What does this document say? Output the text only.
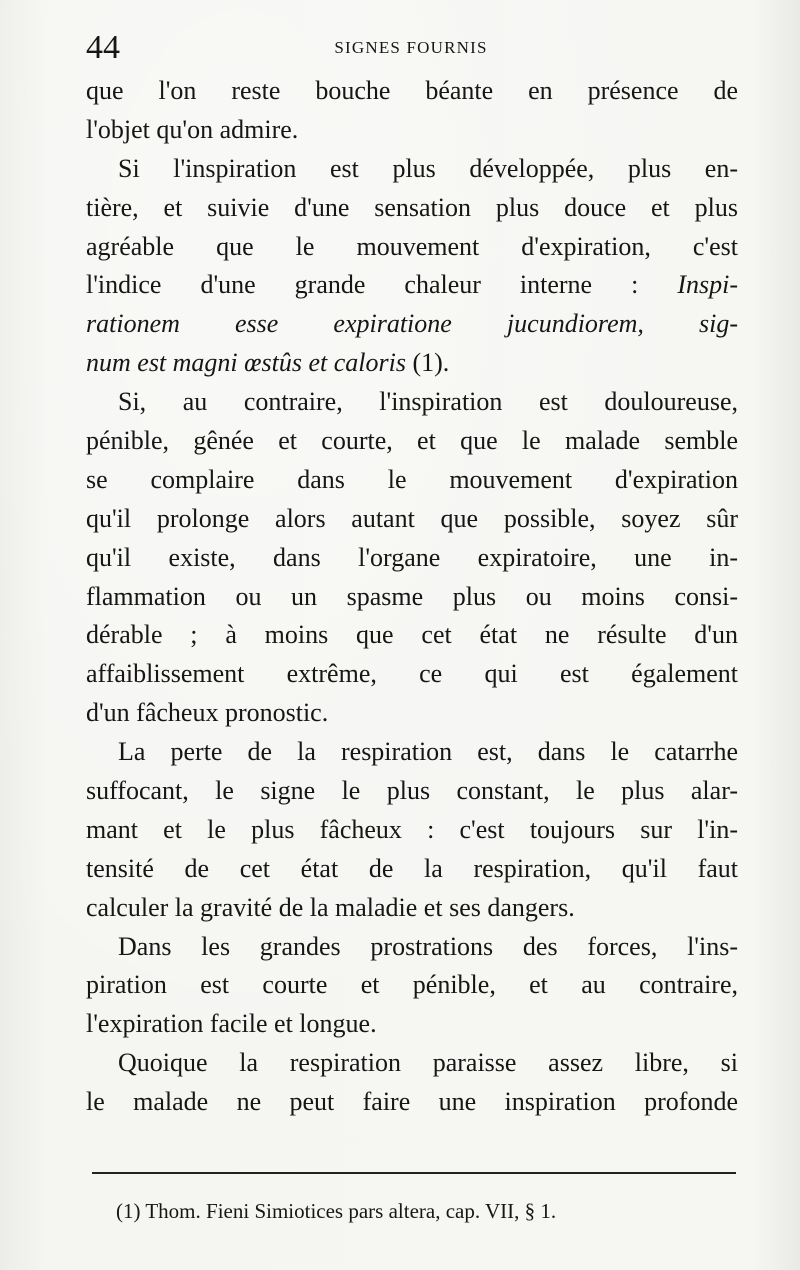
44	SIGNES FOURNIS
que l'on reste bouche béante en présence de
l'objet qu'on admire.
Si l'inspiration est plus développée, plus en-
tière, et suivie d'une sensation plus douce et plus
agréable que le mouvement d'expiration, c'est
l'indice d'une grande chaleur interne : Inspi-
rationem esse expiratione jucundiorem, sig-
num est magni œstûs et caloris (1).
Si, au contraire, l'inspiration est douloureuse,
pénible, gênée et courte, et que le malade semble
se complaire dans le mouvement d'expiration
qu'il prolonge alors autant que possible, soyez sûr
qu'il existe, dans l'organe expiratoire, une in-
flammation ou un spasme plus ou moins consi-
dérable ; à moins que cet état ne résulte d'un
affaiblissement extrême, ce qui est également
d'un fâcheux pronostic.
La perte de la respiration est, dans le catarrhe
suffocant, le signe le plus constant, le plus alar-
mant et le plus fâcheux : c'est toujours sur l'in-
tensité de cet état de la respiration, qu'il faut
calculer la gravité de la maladie et ses dangers.
Dans les grandes prostrations des forces, l'ins-
piration est courte et pénible, et au contraire,
l'expiration facile et longue.
Quoique la respiration paraisse assez libre, si
le malade ne peut faire une inspiration profonde
(1) Thom. Fieni Simiotices pars altera, cap. VII, § 1.
